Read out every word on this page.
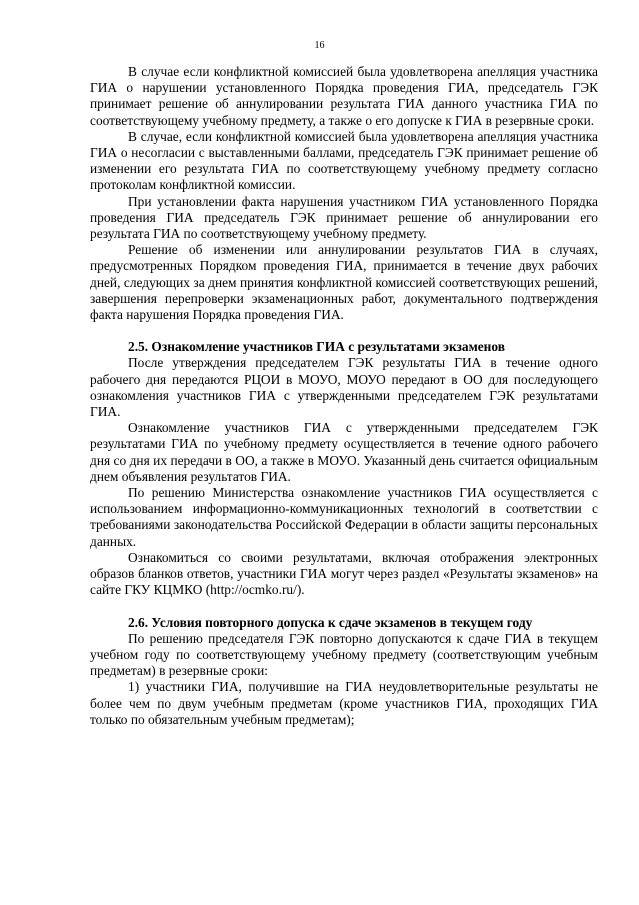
16

В случае если конфликтной комиссией была удовлетворена апелляция участника ГИА о нарушении установленного Порядка проведения ГИА, председатель ГЭК принимает решение об аннулировании результата ГИА данного участника ГИА по соответствующему учебному предмету, а также о его допуске к ГИА в резервные сроки.

В случае, если конфликтной комиссией была удовлетворена апелляция участника ГИА о несогласии с выставленными баллами, председатель ГЭК принимает решение об изменении его результата ГИА по соответствующему учебному предмету согласно протоколам конфликтной комиссии.

При установлении факта нарушения участником ГИА установленного Порядка проведения ГИА председатель ГЭК принимает решение об аннулировании его результата ГИА по соответствующему учебному предмету.

Решение об изменении или аннулировании результатов ГИА в случаях, предусмотренных Порядком проведения ГИА, принимается в течение двух рабочих дней, следующих за днем принятия конфликтной комиссией соответствующих решений, завершения перепроверки экзаменационных работ, документального подтверждения факта нарушения Порядка проведения ГИА.

2.5. Ознакомление участников ГИА с результатами экзаменов

После утверждения председателем ГЭК результаты ГИА в течение одного рабочего дня передаются РЦОИ в МОУО, МОУО передают в ОО для последующего ознакомления участников ГИА с утвержденными председателем ГЭК результатами ГИА.

Ознакомление участников ГИА с утвержденными председателем ГЭК результатами ГИА по учебному предмету осуществляется в течение одного рабочего дня со дня их передачи в ОО, а также в МОУО. Указанный день считается официальным днем объявления результатов ГИА.

По решению Министерства ознакомление участников ГИА осуществляется с использованием информационно-коммуникационных технологий в соответствии с требованиями законодательства Российской Федерации в области защиты персональных данных.

Ознакомиться со своими результатами, включая отображения электронных образов бланков ответов, участники ГИА могут через раздел «Результаты экзаменов» на сайте ГКУ КЦМКО (http://ocmko.ru/).

2.6. Условия повторного допуска к сдаче экзаменов в текущем году

По решению председателя ГЭК повторно допускаются к сдаче ГИА в текущем учебном году по соответствующему учебному предмету (соответствующим учебным предметам) в резервные сроки:

1) участники ГИА, получившие на ГИА неудовлетворительные результаты не более чем по двум учебным предметам (кроме участников ГИА, проходящих ГИА только по обязательным учебным предметам);
